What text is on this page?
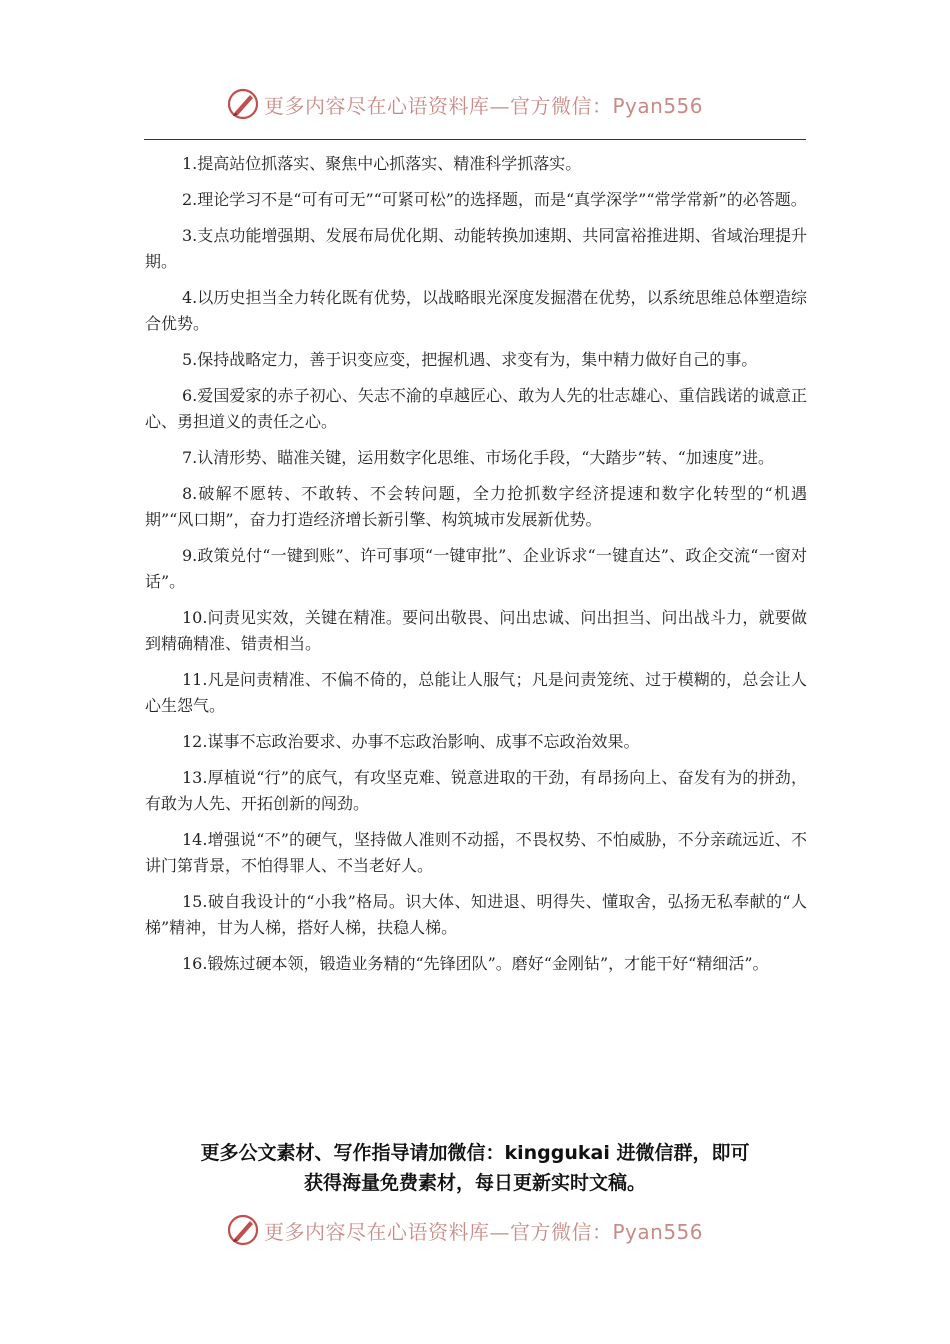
更多内容尽在心语资料库—官方微信：Pyan556

1.提高站位抓落实、聚焦中心抓落实、精准科学抓落实。

2.理论学习不是“可有可无”“可紧可松”的选择题，而是“真学深学”“常学常新”的必答题。

3.支点功能增强期、发展布局优化期、动能转换加速期、共同富裕推进期、省域治理提升期。

4.以历史担当全力转化既有优势，以战略眼光深度发掘潜在优势，以系统思维总体塑造综合优势。

5.保持战略定力，善于识变应变，把握机遇、求变有为，集中精力做好自己的事。

6.爱国爱家的赤子初心、矢志不渝的卓越匠心、敢为人先的壮志雄心、重信践诺的诚意正心、勇担道义的责任之心。

7.认清形势、瞄准关键，运用数字化思维、市场化手段，“大踏步”转、“加速度”进。

8.破解不愿转、不敢转、不会转问题，全力抢抓数字经济提速和数字化转型的“机遇期”“风口期”，奋力打造经济增长新引擎、构筑城市发展新优势。

9.政策兑付“一键到账”、许可事项“一键审批”、企业诉求“一键直达”、政企交流“一窗对话”。

10.问责见实效，关键在精准。要问出敬畏、问出忠诚、问出担当、问出战斗力，就要做到精确精准、错责相当。

11.凡是问责精准、不偏不倚的，总能让人服气；凡是问责笼统、过于模糊的，总会让人心生怨气。

12.谋事不忘政治要求、办事不忘政治影响、成事不忘政治效果。

13.厚植说“行”的底气，有攻坚克难、锐意进取的干劲，有昂扬向上、奋发有为的拼劲，有敢为人先、开拓创新的闯劲。

14.增强说“不”的硬气，坚持做人准则不动摇，不畏权势、不怕威胁，不分亲疏远近、不讲门第背景，不怕得罪人、不当老好人。

15.破自我设计的“小我”格局。识大体、知进退、明得失、懂取舍，弘扬无私奉献的“人梯”精神，甘为人梯，搭好人梯，扶稳人梯。

16.锻炼过硬本领，锻造业务精的“先锋团队”。磨好“金刚钻”，才能干好“精细活”。

更多公文素材、写作指导请加微信：kinggukai 进微信群，即可
获得海量免费素材，每日更新实时文稿。
更多内容尽在心语资料库—官方微信：Pyan556
